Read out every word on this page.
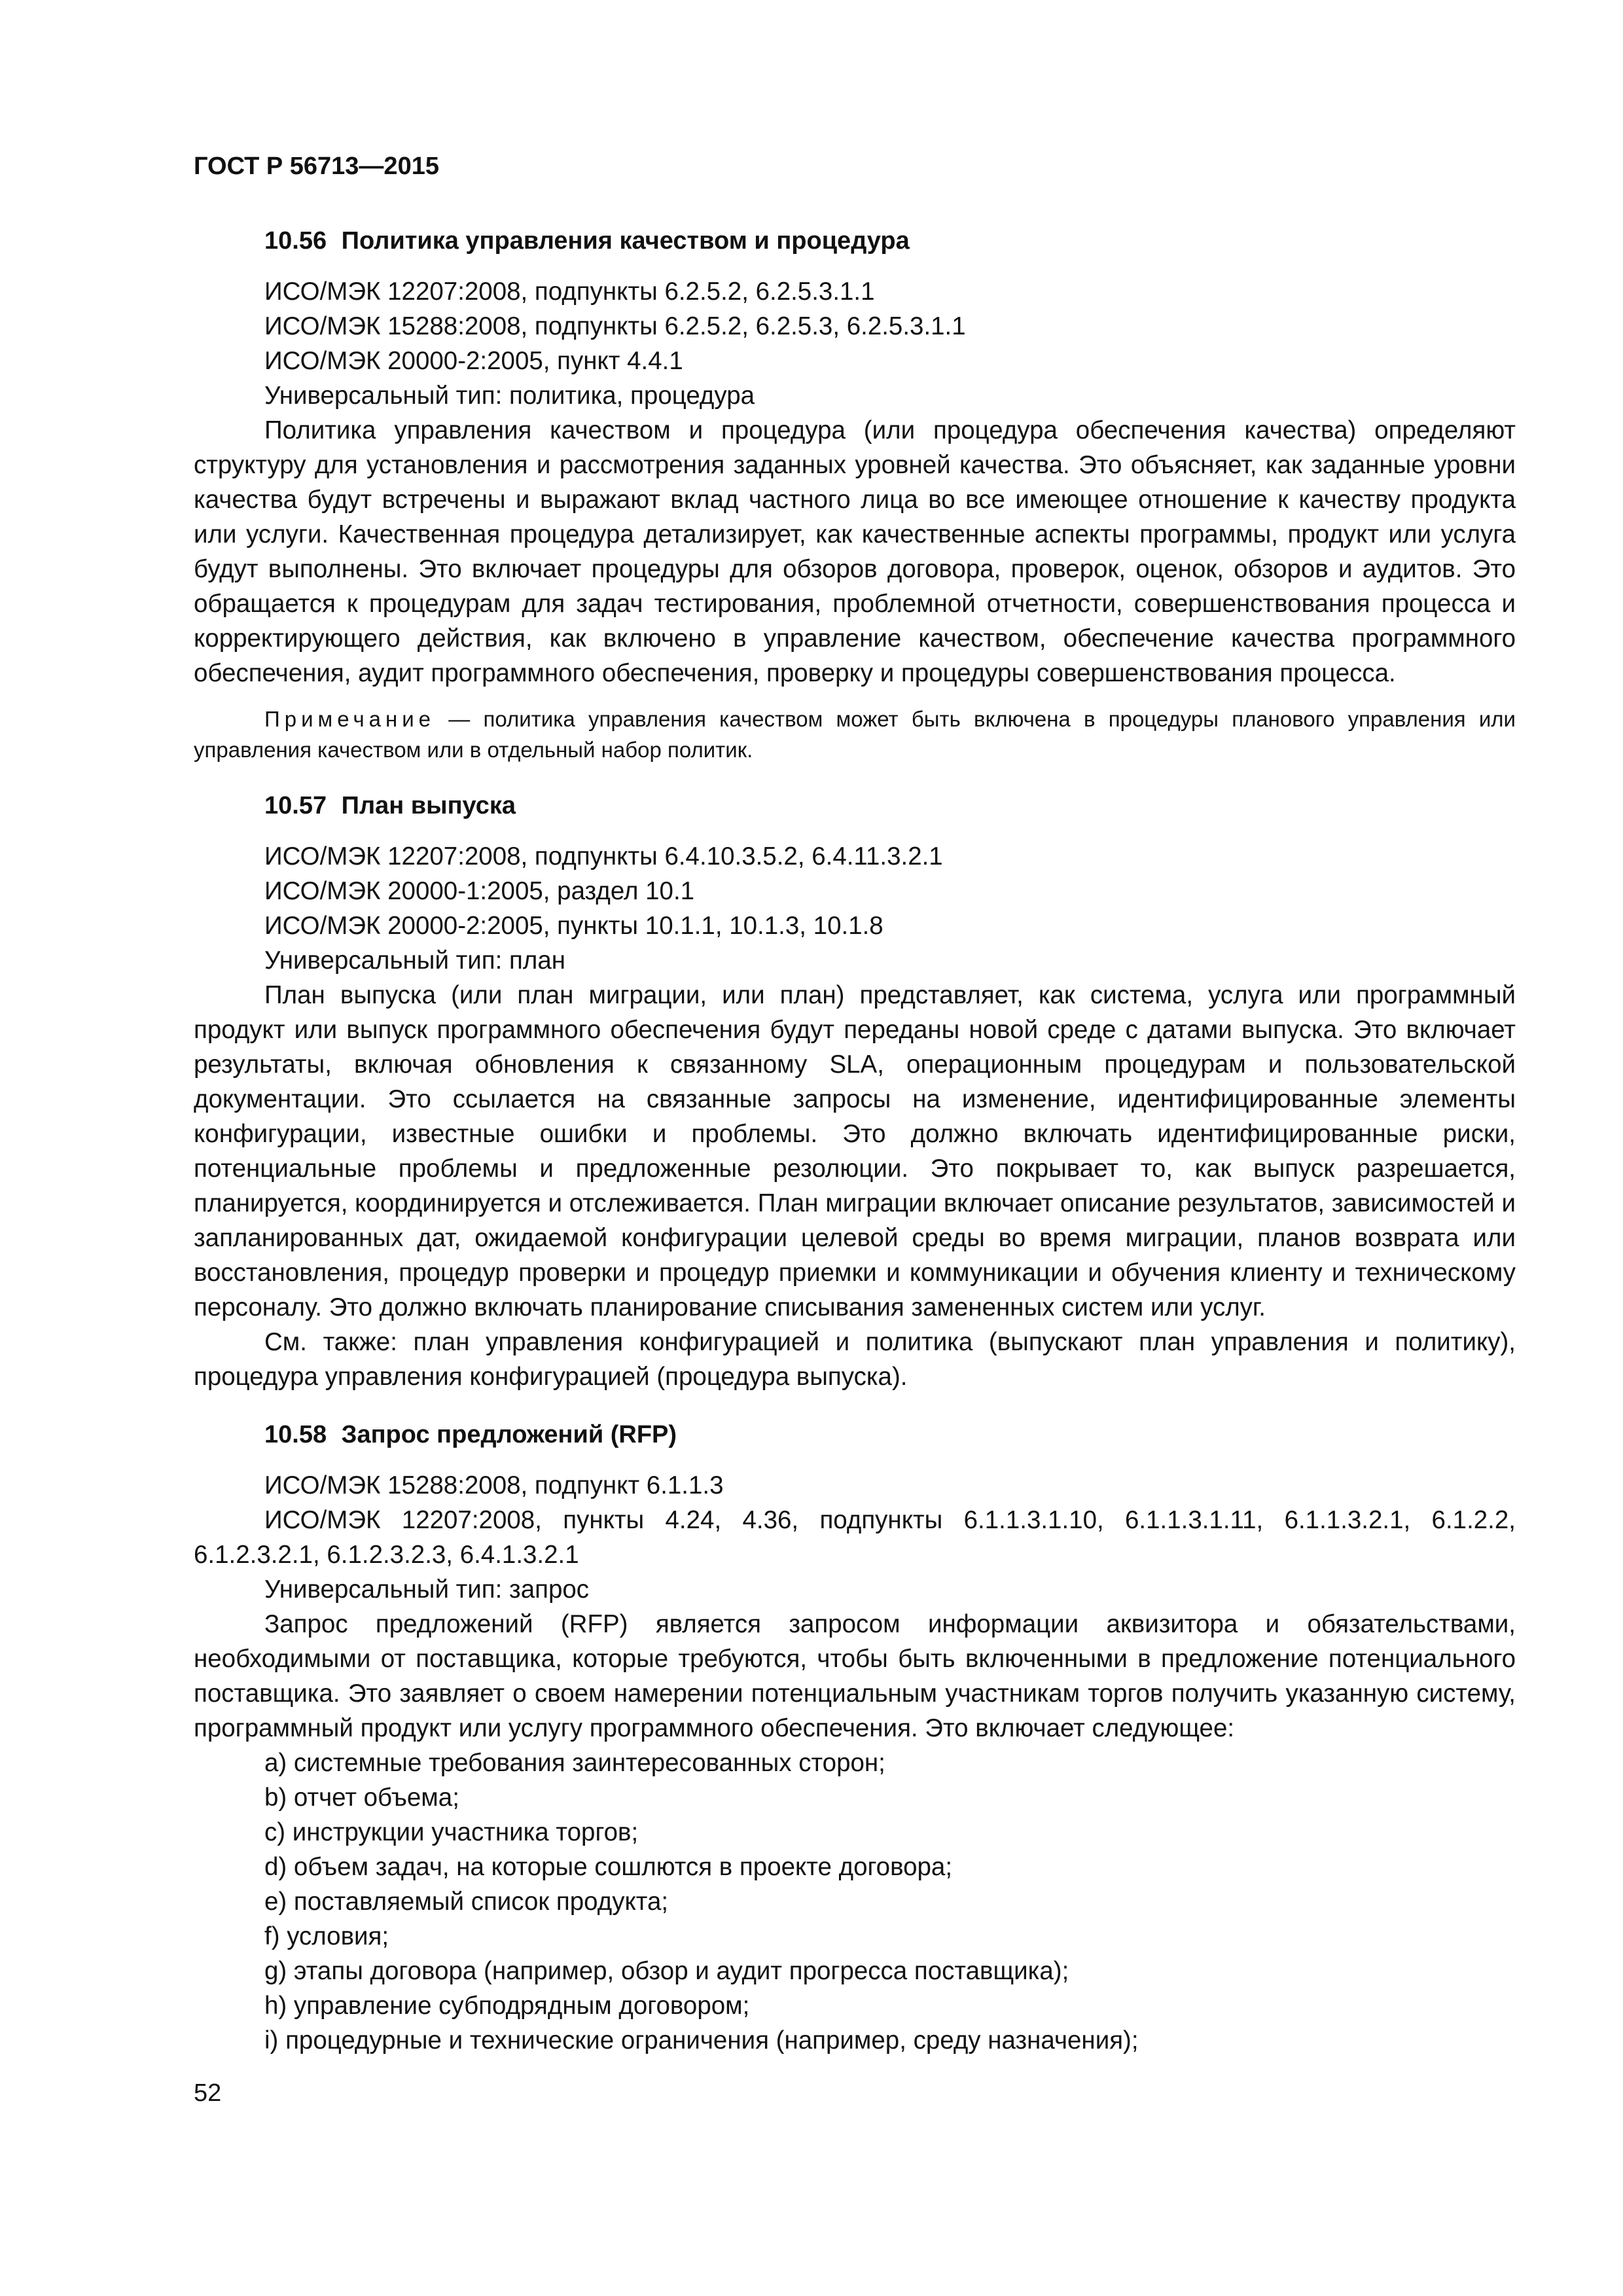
ГОСТ Р 56713—2015
10.56 Политика управления качеством и процедура
ИСО/МЭК 12207:2008, подпункты 6.2.5.2, 6.2.5.3.1.1
ИСО/МЭК 15288:2008, подпункты 6.2.5.2, 6.2.5.3, 6.2.5.3.1.1
ИСО/МЭК 20000-2:2005, пункт 4.4.1
Универсальный тип: политика, процедура

Политика управления качеством и процедура (или процедура обеспечения качества) определяют структуру для установления и рассмотрения заданных уровней качества. Это объясняет, как заданные уровни качества будут встречены и выражают вклад частного лица во все имеющее отношение к качеству продукта или услуги. Качественная процедура детализирует, как качественные аспекты программы, продукт или услуга будут выполнены. Это включает процедуры для обзоров договора, проверок, оценок, обзоров и аудитов. Это обращается к процедурам для задач тестирования, проблемной отчетности, совершенствования процесса и корректирующего действия, как включено в управление качеством, обеспечение качества программного обеспечения, аудит программного обеспечения, проверку и процедуры совершенствования процесса.

Примечание — политика управления качеством может быть включена в процедуры планового управления или управления качеством или в отдельный набор политик.

10.57 План выпуска
ИСО/МЭК 12207:2008, подпункты 6.4.10.3.5.2, 6.4.11.3.2.1
ИСО/МЭК 20000-1:2005, раздел 10.1
ИСО/МЭК 20000-2:2005, пункты 10.1.1, 10.1.3, 10.1.8
Универсальный тип: план

План выпуска (или план миграции, или план) представляет, как система, услуга или программный продукт или выпуск программного обеспечения будут переданы новой среде с датами выпуска. Это включает результаты, включая обновления к связанному SLA, операционным процедурам и пользовательской документации. Это ссылается на связанные запросы на изменение, идентифицированные элементы конфигурации, известные ошибки и проблемы. Это должно включать идентифицированные риски, потенциальные проблемы и предложенные резолюции. Это покрывает то, как выпуск разрешается, планируется, координируется и отслеживается. План миграции включает описание результатов, зависимостей и запланированных дат, ожидаемой конфигурации целевой среды во время миграции, планов возврата или восстановления, процедур проверки и процедур приемки и коммуникации и обучения клиенту и техническому персоналу. Это должно включать планирование списывания замененных систем или услуг.

См. также: план управления конфигурацией и политика (выпускают план управления и политику), процедура управления конфигурацией (процедура выпуска).

10.58 Запрос предложений (RFP)
ИСО/МЭК 15288:2008, подпункт 6.1.1.3

ИСО/МЭК 12207:2008, пункты 4.24, 4.36, подпункты 6.1.1.3.1.10, 6.1.1.3.1.11, 6.1.1.3.2.1, 6.1.2.2, 6.1.2.3.2.1, 6.1.2.3.2.3, 6.4.1.3.2.1

Универсальный тип: запрос

Запрос предложений (RFP) является запросом информации аквизитора и обязательствами, необходимыми от поставщика, которые требуются, чтобы быть включенными в предложение потенциального поставщика. Это заявляет о своем намерении потенциальным участникам торгов получить указанную систему, программный продукт или услугу программного обеспечения. Это включает следующее:

a) системные требования заинтересованных сторон;
b) отчет объема;
c) инструкции участника торгов;
d) объем задач, на которые сошлются в проекте договора;
e) поставляемый список продукта;
f) условия;
g) этапы договора (например, обзор и аудит прогресса поставщика);
h) управление субподрядным договором;
i) процедурные и технические ограничения (например, среду назначения);
52
